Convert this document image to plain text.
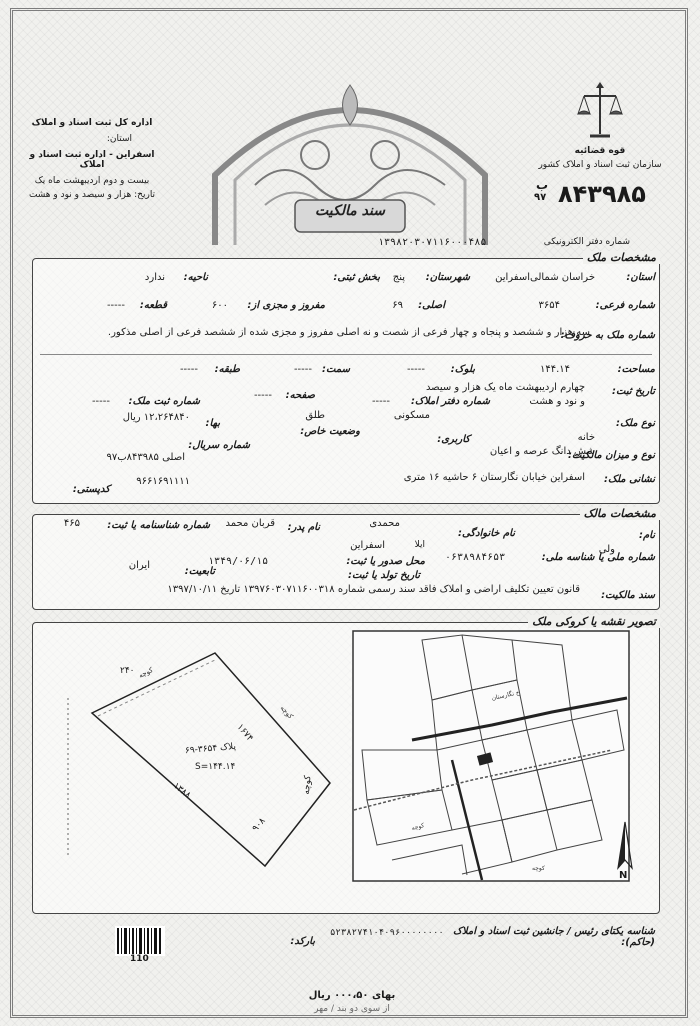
اداره کل ثبت اسناد و املاک
استان:
اسفراین - اداره ثبت اسناد و املاک
بیست و دوم اردیبهشت ماه یک
تاریخ: هزار و سیصد و نود و هشت
قوه قضائیه
سازمان ثبت اسناد و املاک کشور
ب
۹۷ ۸۴۳۹۸۵
سند مالکیت
شماره دفتر الکترونیکی
۱۳۹۸۲۰۳۰۷۱۱۶۰۰۰۴۸۵
مشخصات ملک
استان:
خراسان شمالی
شهرستان:	اسفراین
بخش ثبتی:	پنج
ناحیه:
ندارد
شماره فرعی:
۳۶۵۴
اصلی:
۶۹
مفروز و مجزی از:
۶۰۰
قطعه:
-----
شماره ملک به حروف:
سه هزار و ششصد و پنجاه و چهار فرعی از شصت و نه اصلی مفروز و مجزی شده از ششصد فرعی از اصلی مذکور.
مساحت:
۱۴۴.۱۴
بلوک:
-----
سمت:
-----
طبقه:
-----
تاریخ ثبت:
چهارم اردیبهشت ماه یک هزار و سیصد
و نود و هشت
شماره دفتر املاک:
-----
صفحه:
-----
شماره ثبت ملک:
-----
نوع ملک:
خانه
کاربری:
مسکونی
وضعیت خاص:
طلق
بها:
۱۲،۲۶۴۸۴۰ ریال
نوع و میزان مالکیت:
شش دانگ عرصه و اعیان
شماره سریال:
اصلی ۸۴۳۹۸۵ب۹۷
نشانی ملک:
اسفراین خیابان نگارستان ۶ حاشیه ۱۶ متری
۹۶۶۱۶۹۱۱۱۱
کدپستی:
مشخصات مالک
نام:
ولی
نام خانوادگی:
محمدی
نام پدر:
قربان محمد
شماره شناسنامه یا ثبت:
۴۶۵
شماره ملی یا شناسه ملی:
۰۶۳۸۹۸۴۶۵۳
ایلا
محل صدور یا ثبت:
اسفراین
۱۳۴۹/۰۶/۱۵
تاریخ تولد یا ثبت:
تابعیت:
ایران
سند مالکیت:
قانون تعیین تکلیف اراضی و املاک فاقد سند رسمی شماره ۱۳۹۷۶۰۳۰۷۱۱۶۰۰۳۱۸ تاریخ ۱۳۹۷/۱۰/۱۱
تصویر نقشه یا کروکی ملک
خ نگارستان
کوچه
کوچه
N
کوچه
کوچه
S=۱۴۴.۱۴
پلاک ۳۶۵۴-۶۹
۲۴۰
۱۶۷۴
۱۳۸۸
۹۰۸
کوچه
شناسه یکتای رئیس / جانشین ثبت اسناد و املاک (حاکم):
۵۲۳۸۲۷۴۱۰۴۰۹۶۰۰۰۰۰۰۰۰
بارکد:
110
بهای ۰۰۰،۵۰ ریال
از سوی دو بند / مهر
